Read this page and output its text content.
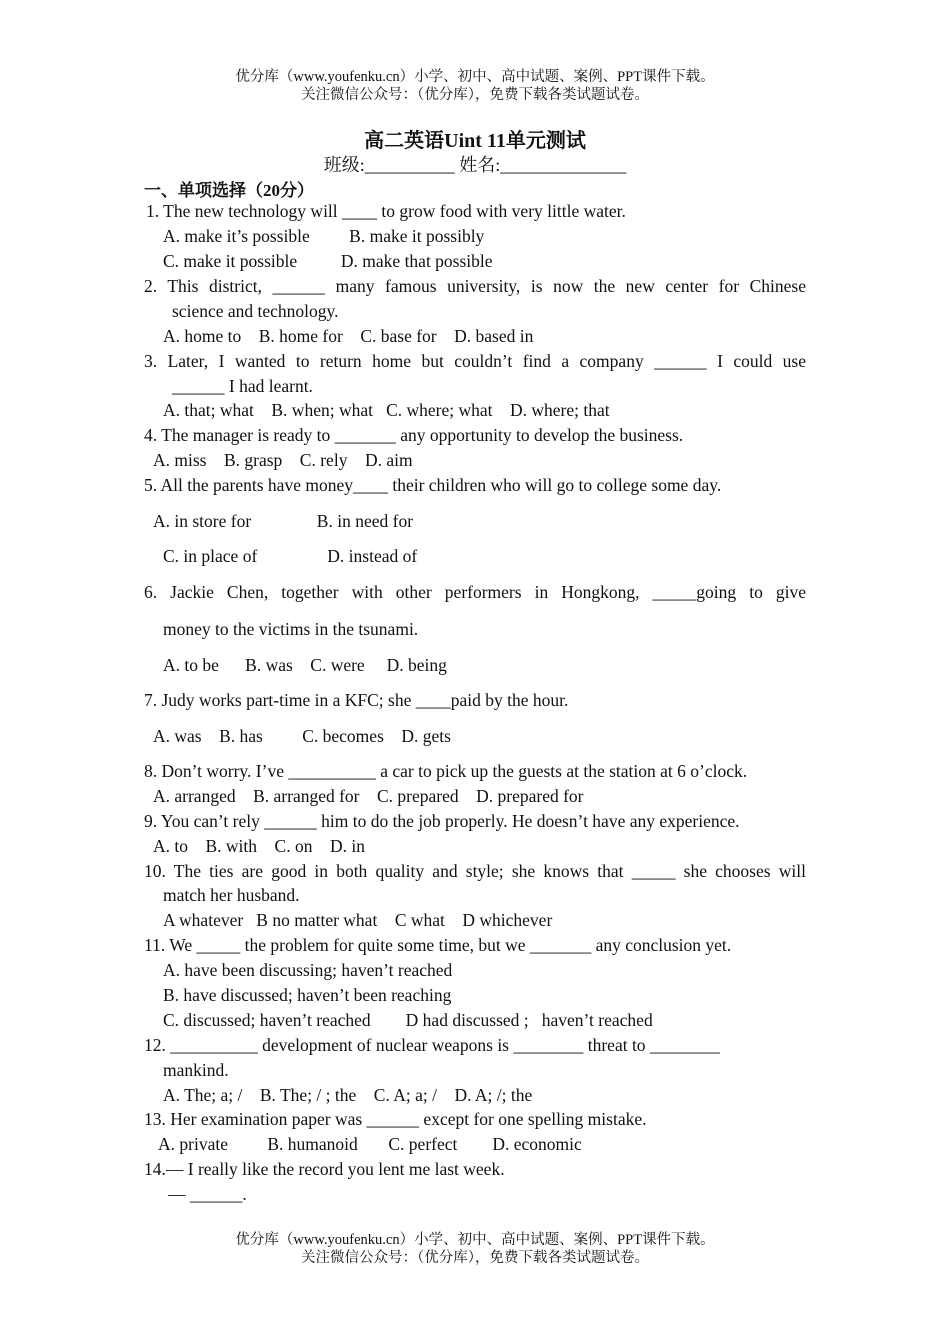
优分库（www.youfenku.cn）小学、初中、高中试题、案例、PPT课件下载。
关注微信公众号：（优分库），免费下载各类试题试卷。
高二英语Uint 11单元测试
班级:__________ 姓名:______________
一、单项选择（20分）
1. The new technology will ____ to grow food with very little water.
A. make it’s possible         B. make it possibly
C. make it possible          D. make that possible
2. This district, ______ many famous university, is now the new center for Chinese
science and technology.
A. home to    B. home for    C. base for    D. based in
3. Later, I wanted to return home but couldn’t find a company ______ I could use
______ I had learnt.
A. that; what    B. when; what   C. where; what    D. where; that
4. The manager is ready to _______ any opportunity to develop the business.
A. miss    B. grasp    C. rely    D. aim
5. All the parents have money____ their children who will go to college some day.
A. in store for               B. in need for
C. in place of                D. instead of
6. Jackie Chen, together with other performers in Hongkong, _____going to give
money to the victims in the tsunami.
A. to be      B. was    C. were     D. being
7. Judy works part-time in a KFC; she ____paid by the hour.
A. was    B. has         C. becomes    D. gets
8. Don’t worry. I’ve __________ a car to pick up the guests at the station at 6 o’clock.
A. arranged    B. arranged for    C. prepared    D. prepared for
9. You can’t rely ______ him to do the job properly. He doesn’t have any experience.
A. to    B. with    C. on    D. in
10. The ties are good in both quality and style; she knows that _____ she chooses will
match her husband.
A whatever   B no matter what    C what    D whichever
11. We _____ the problem for quite some time, but we _______ any conclusion yet.
A. have been discussing; haven’t reached
B. have discussed; haven’t been reaching
C. discussed; haven’t reached        D had discussed ;   haven’t reached
12. __________ development of nuclear weapons is ________ threat to ________
mankind.
A. The; a; /    B. The; / ; the    C. A; a; /    D. A; /; the
13. Her examination paper was ______ except for one spelling mistake.
A. private         B. humanoid       C. perfect        D. economic
14.— I really like the record you lent me last week.
— ______.
优分库（www.youfenku.cn）小学、初中、高中试题、案例、PPT课件下载。
关注微信公众号：（优分库），免费下载各类试题试卷。
